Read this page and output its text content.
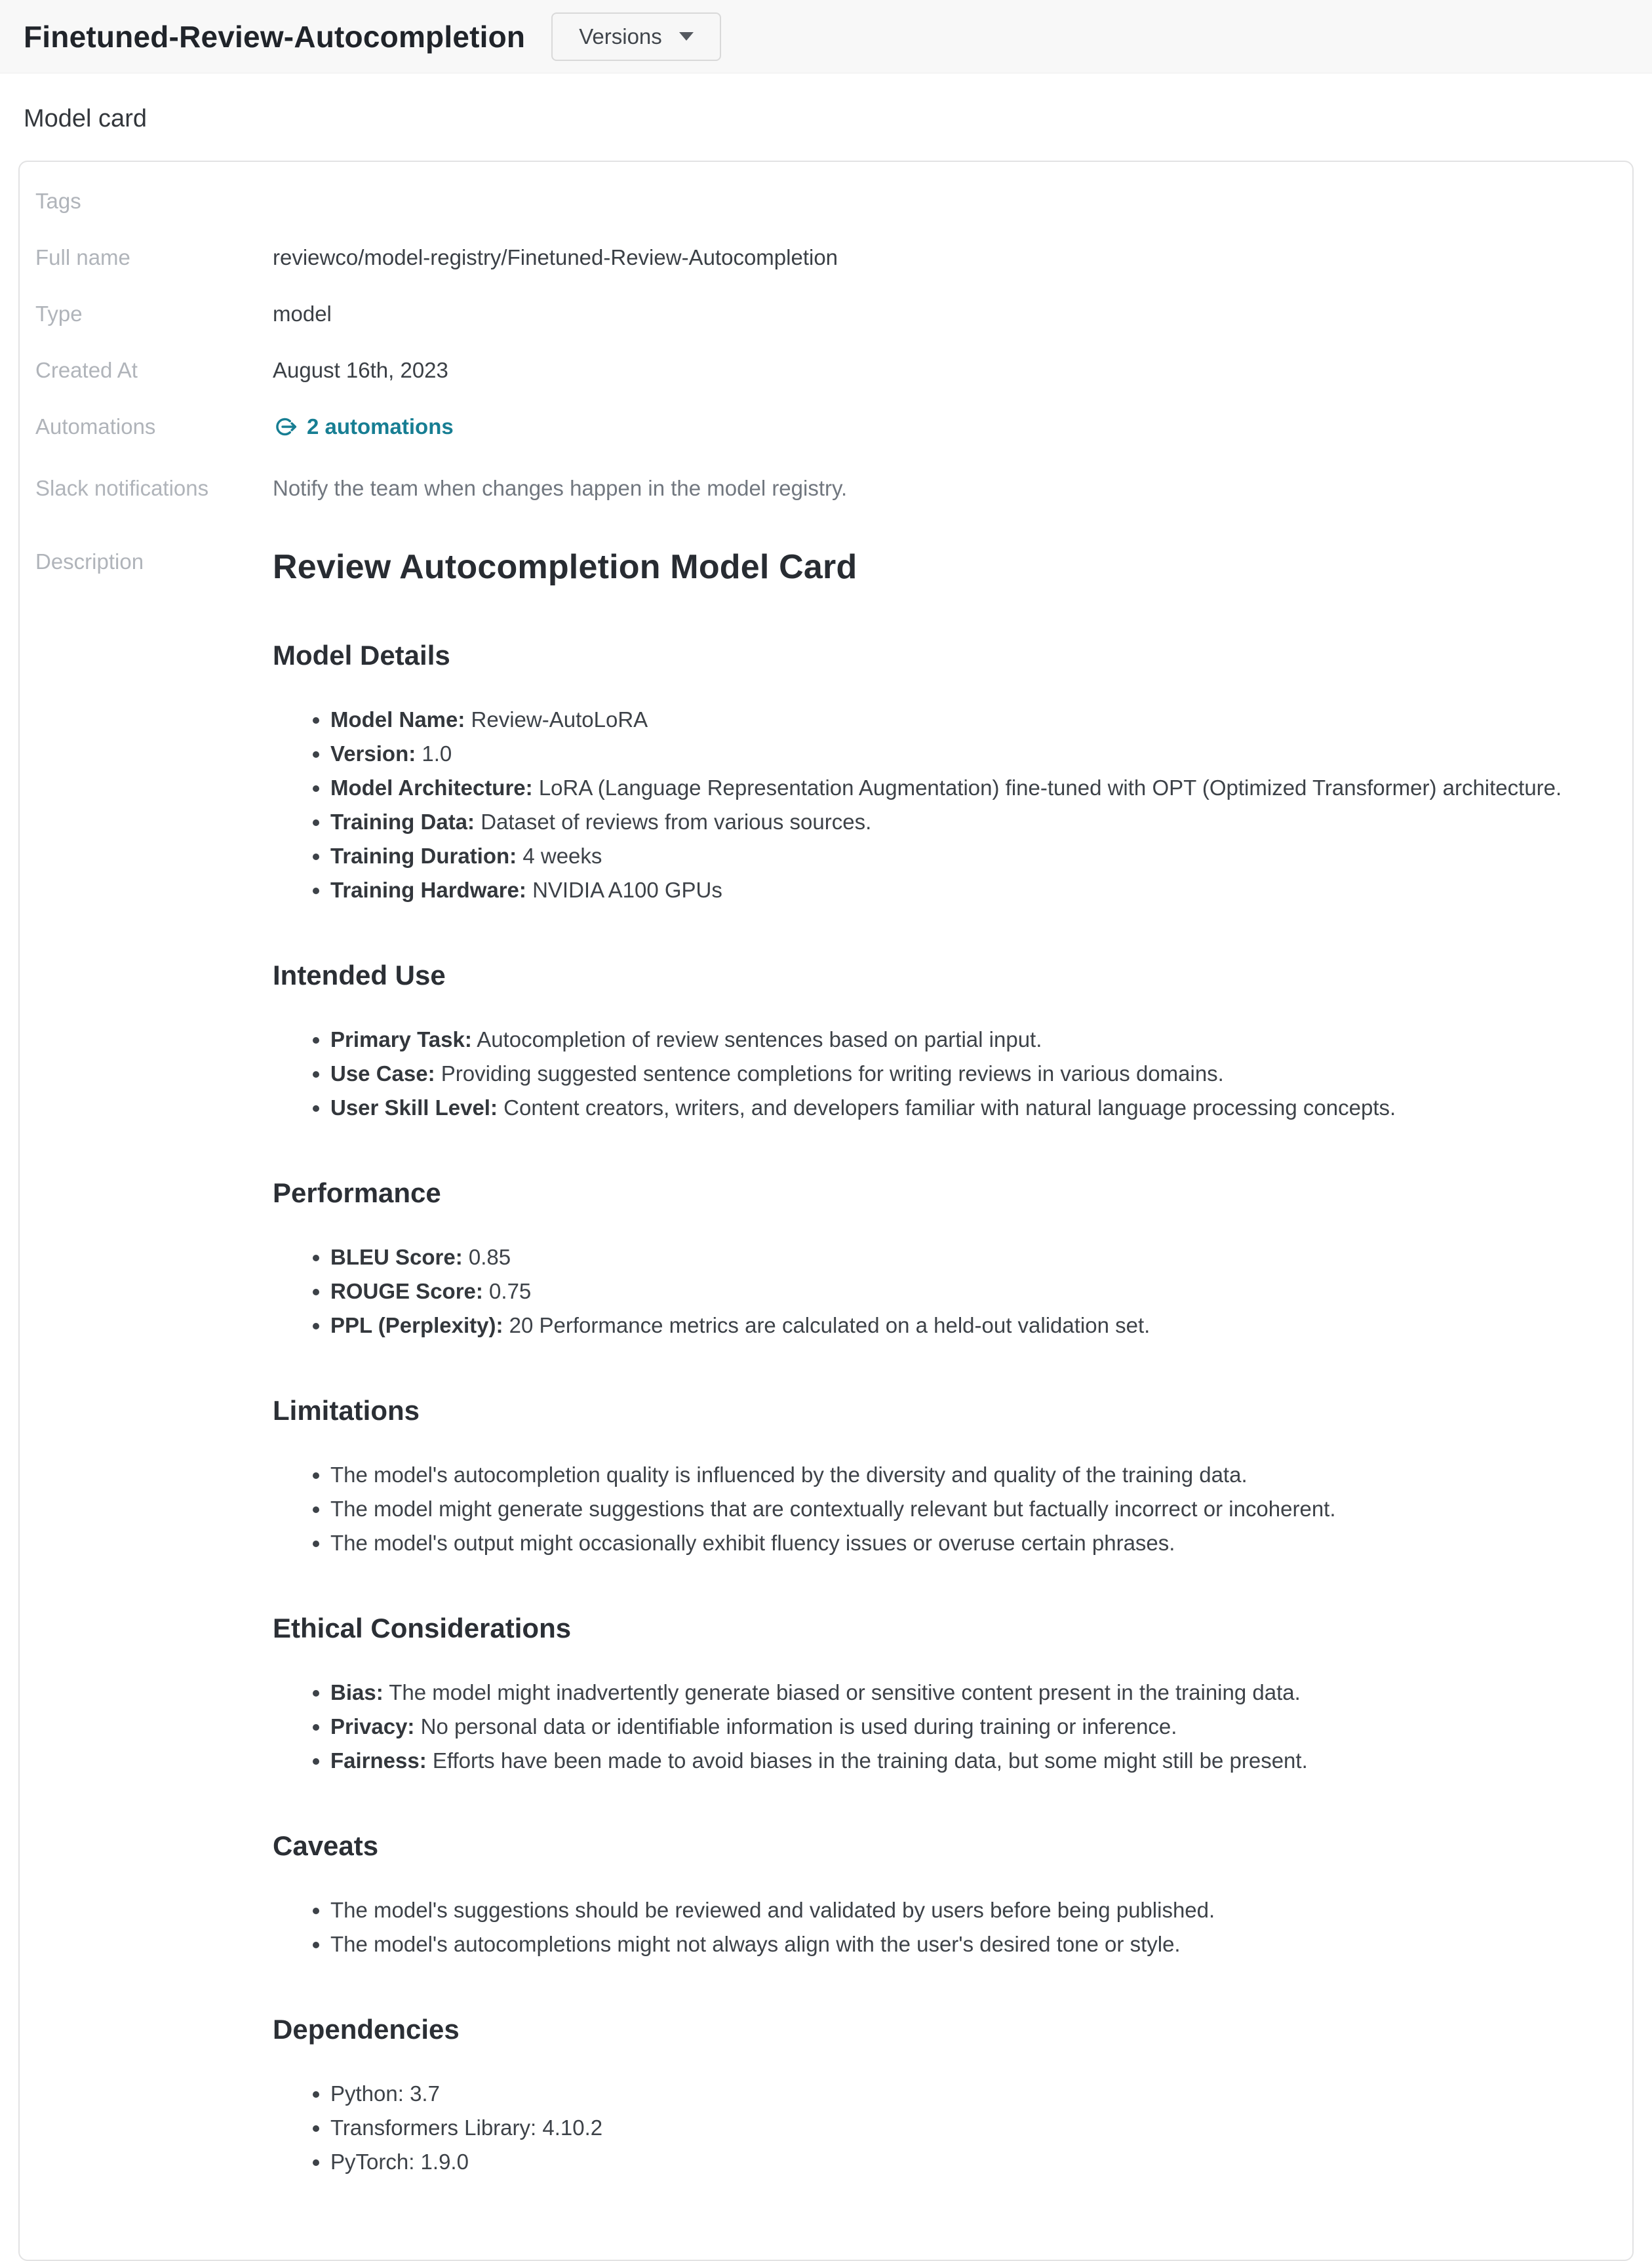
Finetuned-Review-Autocompletion Versions
Model card
Tags
Full name	reviewco/model-registry/Finetuned-Review-Autocompletion
Type	model
Created At	August 16th, 2023
Automations	2 automations
Slack notifications	Notify the team when changes happen in the model registry.
Description	Review Autocompletion Model Card
Model Details
• Model Name: Review-AutoLoRA
• Version: 1.0
• Model Architecture: LoRA (Language Representation Augmentation) fine-tuned with OPT (Optimized Transformer) architecture.
• Training Data: Dataset of reviews from various sources.
• Training Duration: 4 weeks
• Training Hardware: NVIDIA A100 GPUs
Intended Use
• Primary Task: Autocompletion of review sentences based on partial input.
• Use Case: Providing suggested sentence completions for writing reviews in various domains.
• User Skill Level: Content creators, writers, and developers familiar with natural language processing concepts.
Performance
• BLEU Score: 0.85
• ROUGE Score: 0.75
• PPL (Perplexity): 20 Performance metrics are calculated on a held-out validation set.
Limitations
• The model's autocompletion quality is influenced by the diversity and quality of the training data.
• The model might generate suggestions that are contextually relevant but factually incorrect or incoherent.
• The model's output might occasionally exhibit fluency issues or overuse certain phrases.
Ethical Considerations
• Bias: The model might inadvertently generate biased or sensitive content present in the training data.
• Privacy: No personal data or identifiable information is used during training or inference.
• Fairness: Efforts have been made to avoid biases in the training data, but some might still be present.
Caveats
• The model's suggestions should be reviewed and validated by users before being published.
• The model's autocompletions might not always align with the user's desired tone or style.
Dependencies
• Python: 3.7
• Transformers Library: 4.10.2
• PyTorch: 1.9.0
